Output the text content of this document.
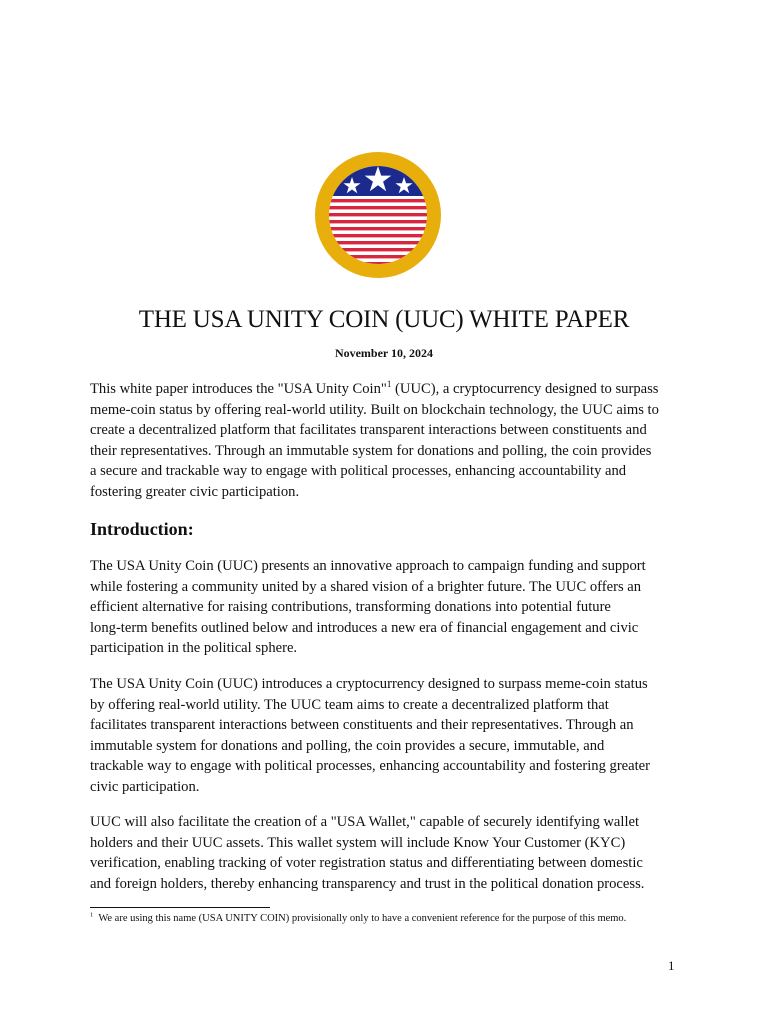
THE USA UNITY COIN (UUC) WHITE PAPER
November 10, 2024
This white paper introduces the "USA Unity Coin"$^1$ (UUC), a cryptocurrency designed to surpass
meme-coin status by offering real-world utility. Built on blockchain technology, the UUC aims to
create a decentralized platform that facilitates transparent interactions between constituents and
their representatives. Through an immutable system for donations and polling, the coin provides
a secure and trackable way to engage with political processes, enhancing accountability and
fostering greater civic participation.
Introduction:
The USA Unity Coin (UUC) presents an innovative approach to campaign funding and support
while fostering a community united by a shared vision of a brighter future. The UUC offers an
efficient alternative for raising contributions, transforming donations into potential future
long-term benefits outlined below and introduces a new era of financial engagement and civic
participation in the political sphere.
The USA Unity Coin (UUC) introduces a cryptocurrency designed to surpass meme-coin status
by offering real-world utility. The UUC team aims to create a decentralized platform that
facilitates transparent interactions between constituents and their representatives. Through an
immutable system for donations and polling, the coin provides a secure, immutable, and
trackable way to engage with political processes, enhancing accountability and fostering greater
civic participation.
UUC will also facilitate the creation of a "USA Wallet," capable of securely identifying wallet
holders and their UUC assets. This wallet system will include Know Your Customer (KYC)
verification, enabling tracking of voter registration status and differentiating between domestic
and foreign holders, thereby enhancing transparency and trust in the political donation process.
$^1$ We are using this name (USA UNITY COIN) provisionally only to have a convenient reference for the purpose of this memo.
1
